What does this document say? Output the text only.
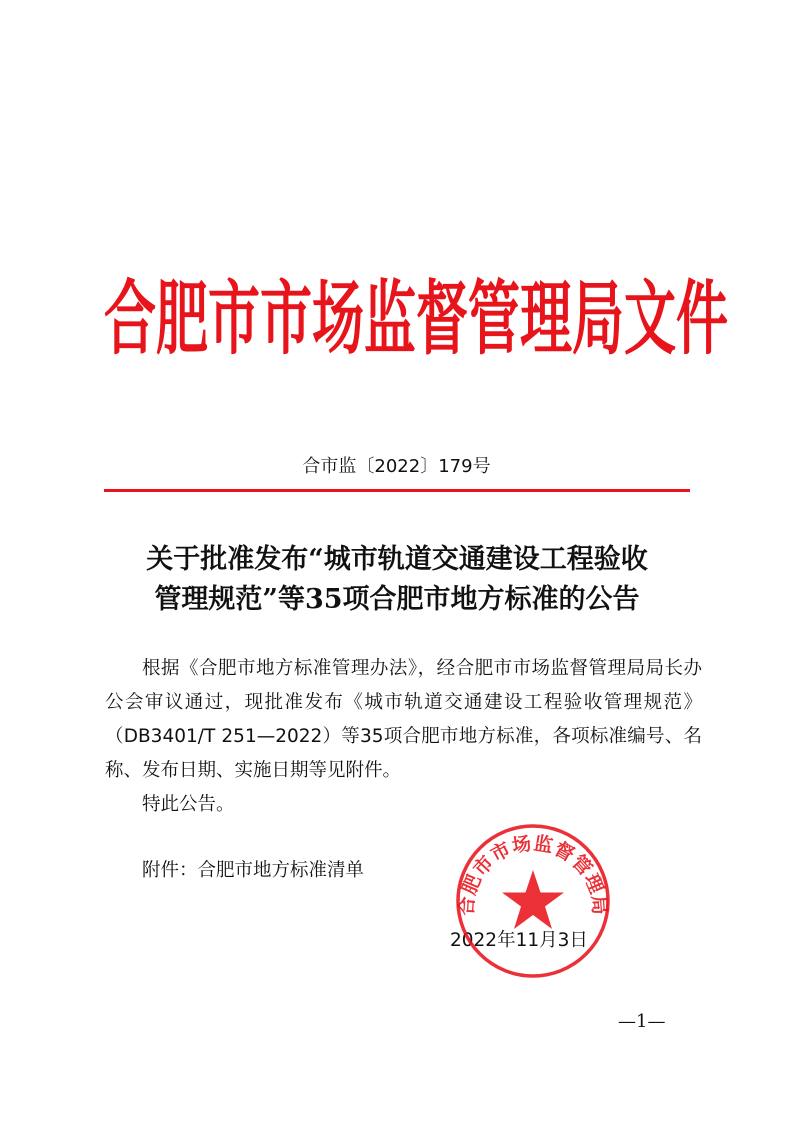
合肥市市场监督管理局文件
合市监〔2022〕179号
关于批准发布“城市轨道交通建设工程验收
管理规范”等35项合肥市地方标准的公告

根据《合肥市地方标准管理办法》，经合肥市市场监督管理局局长办公会审议通过，现批准发布《城市轨道交通建设工程验收管理规范》（DB3401/T 251—2022）等35项合肥市地方标准，各项标准编号、名称、发布日期、实施日期等见附件。

特此公告。

附件：合肥市地方标准清单
2022年11月3日
合肥市市场监督管理局
—1—
